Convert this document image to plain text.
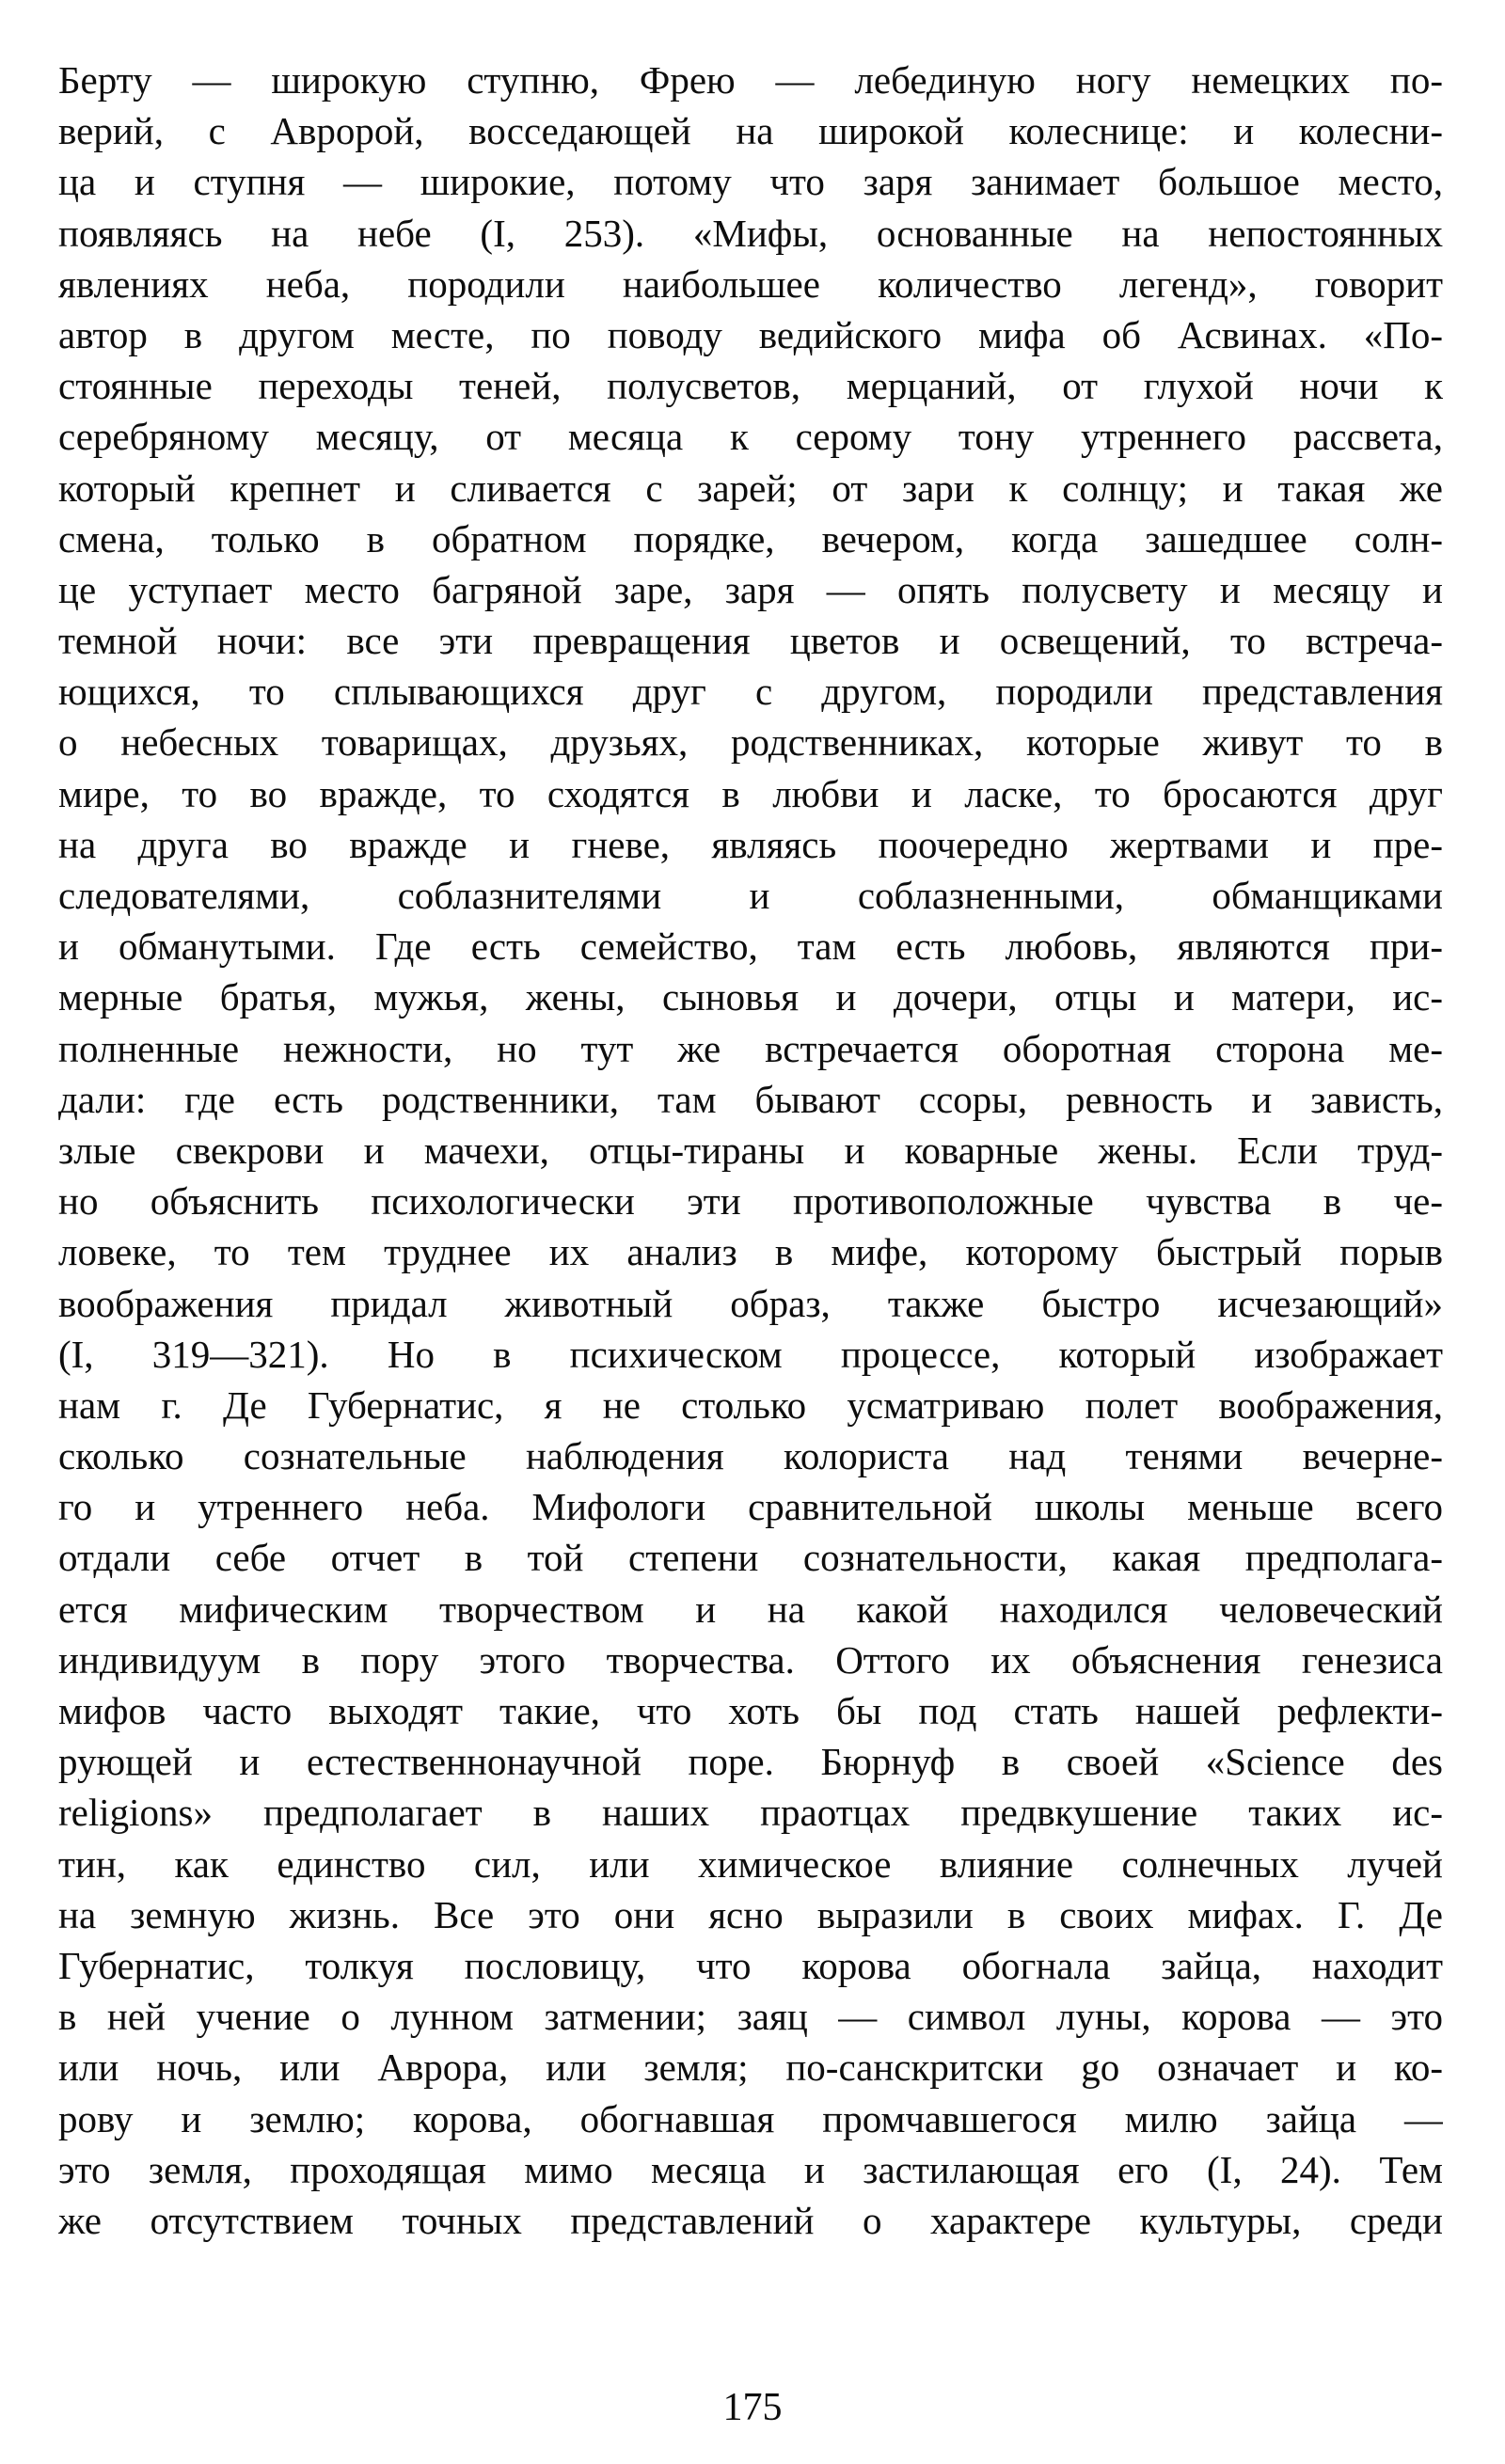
Берту — широкую ступню, Фрею — лебединую ногу немецких по-
верий, с Авророй, восседающей на широкой колеснице: и колесни-
ца и ступня — широкие, потому что заря занимает большое место,
появляясь на небе (I, 253). «Мифы, основанные на непостоянных
явлениях неба, породили наибольшее количество легенд», говорит
автор в другом месте, по поводу ведийского мифа об Асвинах. «По-
стоянные переходы теней, полусветов, мерцаний, от глухой ночи к
серебряному месяцу, от месяца к серому тону утреннего рассвета,
который крепнет и сливается с зарей; от зари к солнцу; и такая же
смена, только в обратном порядке, вечером, когда зашедшее солн-
це уступает место багряной заре, заря — опять полусвету и месяцу и
темной ночи: все эти превращения цветов и освещений, то встреча-
ющихся, то сплывающихся друг с другом, породили представления
о небесных товарищах, друзьях, родственниках, которые живут то в
мире, то во вражде, то сходятся в любви и ласке, то бросаются друг
на друга во вражде и гневе, являясь поочередно жертвами и пре-
следователями, соблазнителями и соблазненными, обманщиками
и обманутыми. Где есть семейство, там есть любовь, являются при-
мерные братья, мужья, жены, сыновья и дочери, отцы и матери, ис-
полненные нежности, но тут же встречается оборотная сторона ме-
дали: где есть родственники, там бывают ссоры, ревность и зависть,
злые свекрови и мачехи, отцы-тираны и коварные жены. Если труд-
но объяснить психологически эти противоположные чувства в че-
ловеке, то тем труднее их анализ в мифе, которому быстрый порыв
воображения придал животный образ, также быстро исчезающий»
(I, 319—321). Но в психическом процессе, который изображает
нам г. Де Губернатис, я не столько усматриваю полет воображения,
сколько сознательные наблюдения колориста над тенями вечерне-
го и утреннего неба. Мифологи сравнительной школы меньше всего
отдали себе отчет в той степени сознательности, какая предполага-
ется мифическим творчеством и на какой находился человеческий
индивидуум в пору этого творчества. Оттого их объяснения генезиса
мифов часто выходят такие, что хоть бы под стать нашей рефлекти-
рующей и естественнонаучной поре. Бюрнуф в своей «Science des
religions» предполагает в наших праотцах предвкушение таких ис-
тин, как единство сил, или химическое влияние солнечных лучей
на земную жизнь. Все это они ясно выразили в своих мифах. Г. Де
Губернатис, толкуя пословицу, что корова обогнала зайца, находит
в ней учение о лунном затмении; заяц — символ луны, корова — это
или ночь, или Аврора, или земля; по-санскритски go означает и ко-
рову и землю; корова, обогнавшая промчавшегося милю зайца —
это земля, проходящая мимо месяца и застилающая его (I, 24). Тем
же отсутствием точных представлений о характере культуры, среди
175
